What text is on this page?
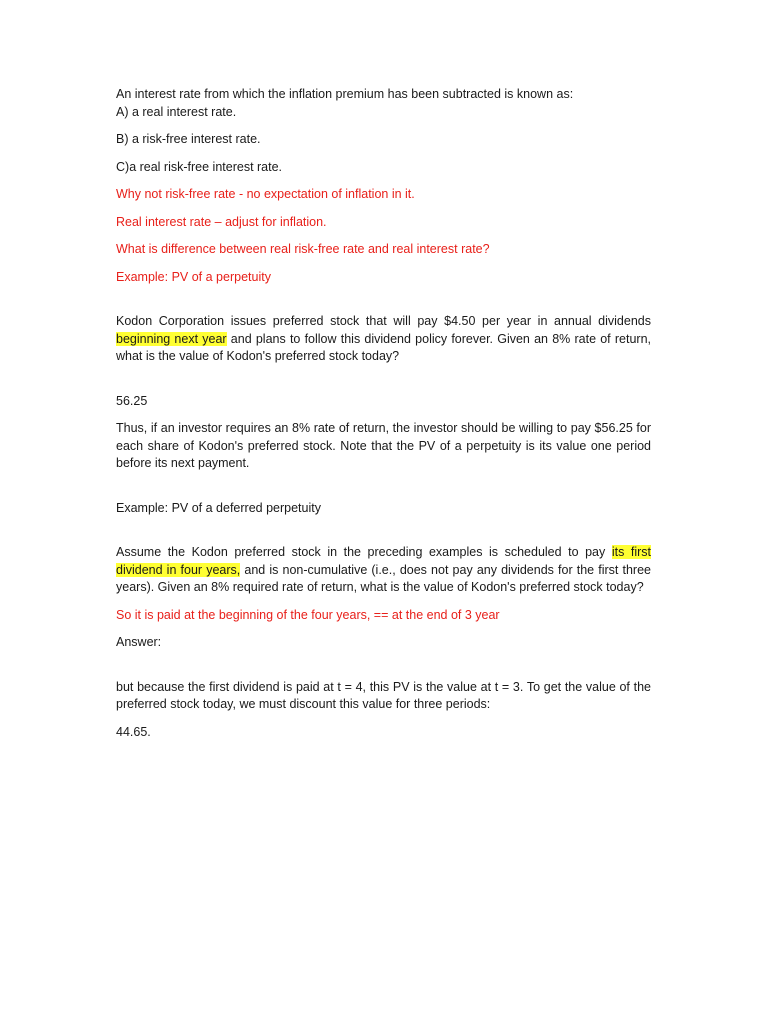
An interest rate from which the inflation premium has been subtracted is known as:

A) a real interest rate.

B) a risk-free interest rate.

C)a real risk-free interest rate.

Why not risk-free rate - no expectation of inflation in it.

Real interest rate – adjust for inflation.

What is difference between real risk-free rate and real interest rate?

Example: PV of a perpetuity

Kodon Corporation issues preferred stock that will pay $4.50 per year in annual dividends beginning next year and plans to follow this dividend policy forever. Given an 8% rate of return, what is the value of Kodon's preferred stock today?

56.25

Thus, if an investor requires an 8% rate of return, the investor should be willing to pay $56.25 for each share of Kodon's preferred stock. Note that the PV of a perpetuity is its value one period before its next payment.

Example: PV of a deferred perpetuity

Assume the Kodon preferred stock in the preceding examples is scheduled to pay its first dividend in four years, and is non-cumulative (i.e., does not pay any dividends for the first three years). Given an 8% required rate of return, what is the value of Kodon's preferred stock today?

So it is paid at the beginning of the four years, == at the end of 3 year

Answer:

but because the first dividend is paid at t = 4, this PV is the value at t = 3. To get the value of the preferred stock today, we must discount this value for three periods:

44.65.
